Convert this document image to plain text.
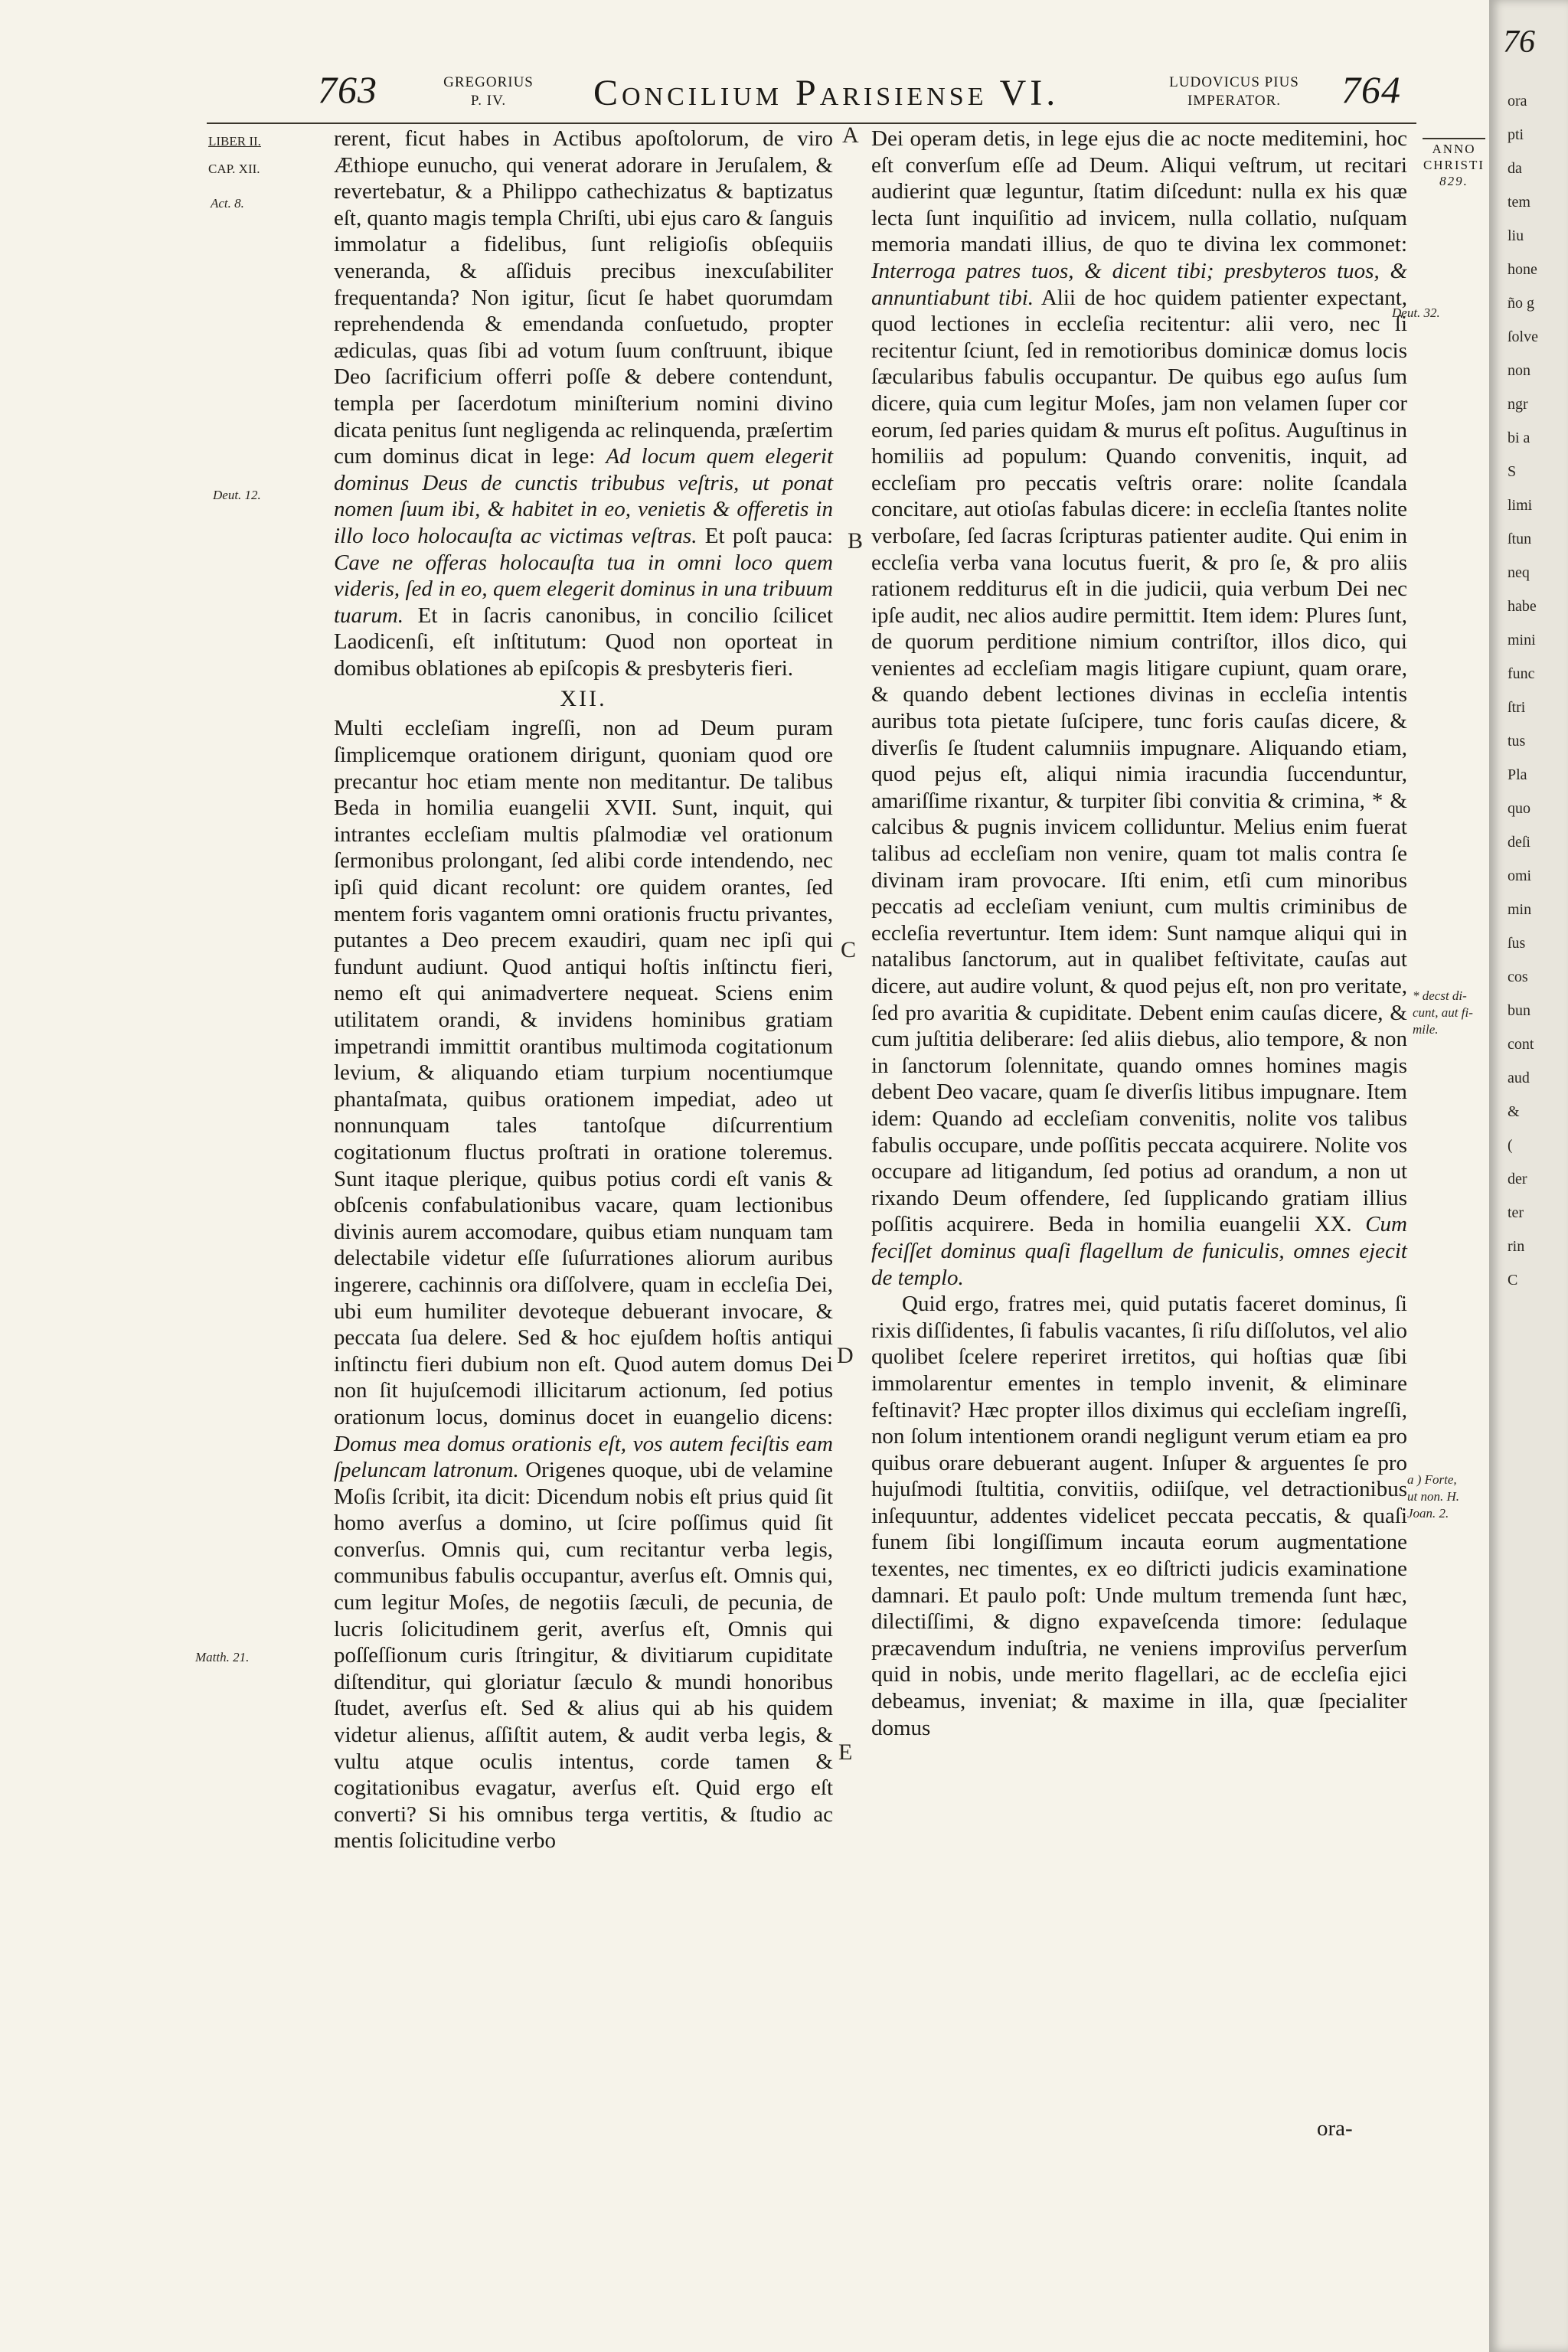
763	GREGORIUS
P. IV.	Concilium Parisiense VI.	LUDOVICUS PIUS
IMPERATOR.	764
LIBER II.
CAP. XII.
Act. 8.
Deut. 12.
Matth. 21.
A
B
C
D
E
ANNO
CHRISTI
829.
Deut. 32.
* decst di-
cunt, aut fi-
mile.
a ) Forte,
ut non. H.
Joan. 2.

rerent, ficut habes in Actibus apoſtolorum, de viro Æthiope eunucho, qui venerat adorare in Jeruſalem, & revertebatur, & a Philippo cathechizatus & baptizatus eſt, quanto magis templa Chriſti, ubi ejus caro & ſanguis immolatur a fidelibus, ſunt religioſis obſequiis veneranda, & aſſiduis precibus inexcuſabiliter frequentanda? Non igitur, ſicut ſe habet quorumdam reprehendenda & emendanda conſuetudo, propter ædiculas, quas ſibi ad votum ſuum conſtruunt, ibique Deo ſacrificium offerri poſſe & debere contendunt, templa per ſacerdotum miniſterium nomini divino dicata penitus ſunt negligenda ac relinquenda, præſertim cum dominus dicat in lege: Ad locum quem elegerit dominus Deus de cunctis tribubus veſtris, ut ponat nomen ſuum ibi, & habitet in eo, venietis & offeretis in illo loco holocauſta ac victimas veſtras. Et poſt pauca: Cave ne offeras holocauſta tua in omni loco quem videris, ſed in eo, quem elegerit dominus in una tribuum tuarum. Et in ſacris canonibus, in concilio ſcilicet Laodicenſi, eſt inſtitutum: Quod non oporteat in domibus oblationes ab epiſcopis & presbyteris fieri.

XII.

Multi eccleſiam ingreſſi, non ad Deum puram ſimplicemque orationem dirigunt, quoniam quod ore precantur hoc etiam mente non meditantur. De talibus Beda in homilia euangelii XVII. Sunt, inquit, qui intrantes eccleſiam multis pſalmodiæ vel orationum ſermonibus prolongant, ſed alibi corde intendendo, nec ipſi quid dicant recolunt: ore quidem orantes, ſed mentem foris vagantem omni orationis fructu privantes, putantes a Deo precem exaudiri, quam nec ipſi qui fundunt audiunt. Quod antiqui hoſtis inſtinctu fieri, nemo eſt qui animadvertere nequeat. Sciens enim utilitatem orandi, & invidens hominibus gratiam impetrandi immittit orantibus multimoda cogitationum levium, & aliquando etiam turpium nocentiumque phantaſmata, quibus orationem impediat, adeo ut nonnunquam tales tantoſque diſcurrentium cogitationum fluctus proſtrati in oratione toleremus. Sunt itaque plerique, quibus potius cordi eſt vanis & obſcenis confabulationibus vacare, quam lectionibus divinis aurem accomodare, quibus etiam nunquam tam delectabile videtur eſſe ſuſurrationes aliorum auribus ingerere, cachinnis ora diſſolvere, quam in eccleſia Dei, ubi eum humiliter devoteque debuerant invocare, & peccata ſua delere. Sed & hoc ejuſdem hoſtis antiqui inſtinctu fieri dubium non eſt. Quod autem domus Dei non ſit hujuſcemodi illicitarum actionum, ſed potius orationum locus, dominus docet in euangelio dicens: Domus mea domus orationis eſt, vos autem feciſtis eam ſpeluncam latronum. Origenes quoque, ubi de velamine Moſis ſcribit, ita dicit: Dicendum nobis eſt prius quid ſit homo averſus a domino, ut ſcire poſſimus quid ſit converſus. Omnis qui, cum recitantur verba legis, communibus fabulis occupantur, averſus eſt. Omnis qui, cum legitur Moſes, de negotiis ſæculi, de pecunia, de lucris ſolicitudinem gerit, averſus eſt, Omnis qui poſſeſſionum curis ſtringitur, & divitiarum cupiditate diſtenditur, qui gloriatur ſæculo & mundi honoribus ſtudet, averſus eſt. Sed & alius qui ab his quidem videtur alienus, aſſiſtit autem, & audit verba legis, & vultu atque oculis intentus, corde tamen & cogitationibus evagatur, averſus eſt. Quid ergo eſt converti? Si his omnibus terga vertitis, & ſtudio ac mentis ſolicitudine verbo

Dei operam detis, in lege ejus die ac nocte meditemini, hoc eſt converſum eſſe ad Deum. Aliqui veſtrum, ut recitari audierint quæ leguntur, ſtatim diſcedunt: nulla ex his quæ lecta ſunt inquiſitio ad invicem, nulla collatio, nuſquam memoria mandati illius, de quo te divina lex commonet: Interroga patres tuos, & dicent tibi; presbyteros tuos, & annuntiabunt tibi. Alii de hoc quidem patienter expectant, quod lectiones in eccleſia recitentur: alii vero, nec ſi recitentur ſciunt, ſed in remotioribus dominicæ domus locis ſæcularibus fabulis occupantur. De quibus ego auſus ſum dicere, quia cum legitur Moſes, jam non velamen ſuper cor eorum, ſed paries quidam & murus eſt poſitus. Auguſtinus in homiliis ad populum: Quando convenitis, inquit, ad eccleſiam pro peccatis veſtris orare: nolite ſcandala concitare, aut otioſas fabulas dicere: in eccleſia ſtantes nolite verboſare, ſed ſacras ſcripturas patienter audite. Qui enim in eccleſia verba vana locutus fuerit, & pro ſe, & pro aliis rationem redditurus eſt in die judicii, quia verbum Dei nec ipſe audit, nec alios audire permittit. Item idem: Plures ſunt, de quorum perditione nimium contriſtor, illos dico, qui venientes ad eccleſiam magis litigare cupiunt, quam orare, & quando debent lectiones divinas in eccleſia intentis auribus tota pietate ſuſcipere, tunc foris cauſas dicere, & diverſis ſe ſtudent calumniis impugnare. Aliquando etiam, quod pejus eſt, aliqui nimia iracundia ſuccenduntur, amariſſime rixantur, & turpiter ſibi convitia & crimina, * & calcibus & pugnis invicem colliduntur. Melius enim fuerat talibus ad eccleſiam non venire, quam tot malis contra ſe divinam iram provocare. Iſti enim, etſi cum minoribus peccatis ad eccleſiam veniunt, cum multis criminibus de eccleſia revertuntur. Item idem: Sunt namque aliqui qui in natalibus ſanctorum, aut in qualibet feſtivitate, cauſas aut dicere, aut audire volunt, & quod pejus eſt, non pro veritate, ſed pro avaritia & cupiditate. Debent enim cauſas dicere, & cum juſtitia deliberare: ſed aliis diebus, alio tempore, & non in ſanctorum ſolennitate, quando omnes homines magis debent Deo vacare, quam ſe diverſis litibus impugnare. Item idem: Quando ad eccleſiam convenitis, nolite vos talibus fabulis occupare, unde poſſitis peccata acquirere. Nolite vos occupare ad litigandum, ſed potius ad orandum, a non ut rixando Deum offendere, ſed ſupplicando gratiam illius poſſitis acquirere. Beda in homilia euangelii XX. Cum feciſſet dominus quaſi flagellum de funiculis, omnes ejecit de templo.

Quid ergo, fratres mei, quid putatis faceret dominus, ſi rixis diſſidentes, ſi fabulis vacantes, ſi riſu diſſolutos, vel alio quolibet ſcelere reperiret irretitos, qui hoſtias quæ ſibi immolarentur ementes in templo invenit, & eliminare feſtinavit? Hæc propter illos diximus qui eccleſiam ingreſſi, non ſolum intentionem orandi negligunt verum etiam ea pro quibus orare debuerant augent. Inſuper & arguentes ſe pro hujuſmodi ſtultitia, convitiis, odiiſque, vel detractionibus inſequuntur, addentes videlicet peccata peccatis, & quaſi funem ſibi longiſſimum incauta eorum augmentatione texentes, nec timentes, ex eo diſtricti judicis examinatione damnari. Et paulo poſt: Unde multum tremenda ſunt hæc, dilectiſſimi, & digno expaveſcenda timore: ſedulaque præcavendum induſtria, ne veniens improviſus perverſum quid in nobis, unde merito flagellari, ac de eccleſia ejici debeamus, inveniat; & maxime in illa, quæ ſpecialiter domus

ora-
76
ora
pti
da
tem
liu
hone
ño g
ſolve
non
ngr
bi a
S
limi
ſtun
neq
habe
mini
func
ſtri
tus
Pla
quo
deſi
omi
min
ſus
cos
bun
cont
aud
&
(
der
ter
rin
C
